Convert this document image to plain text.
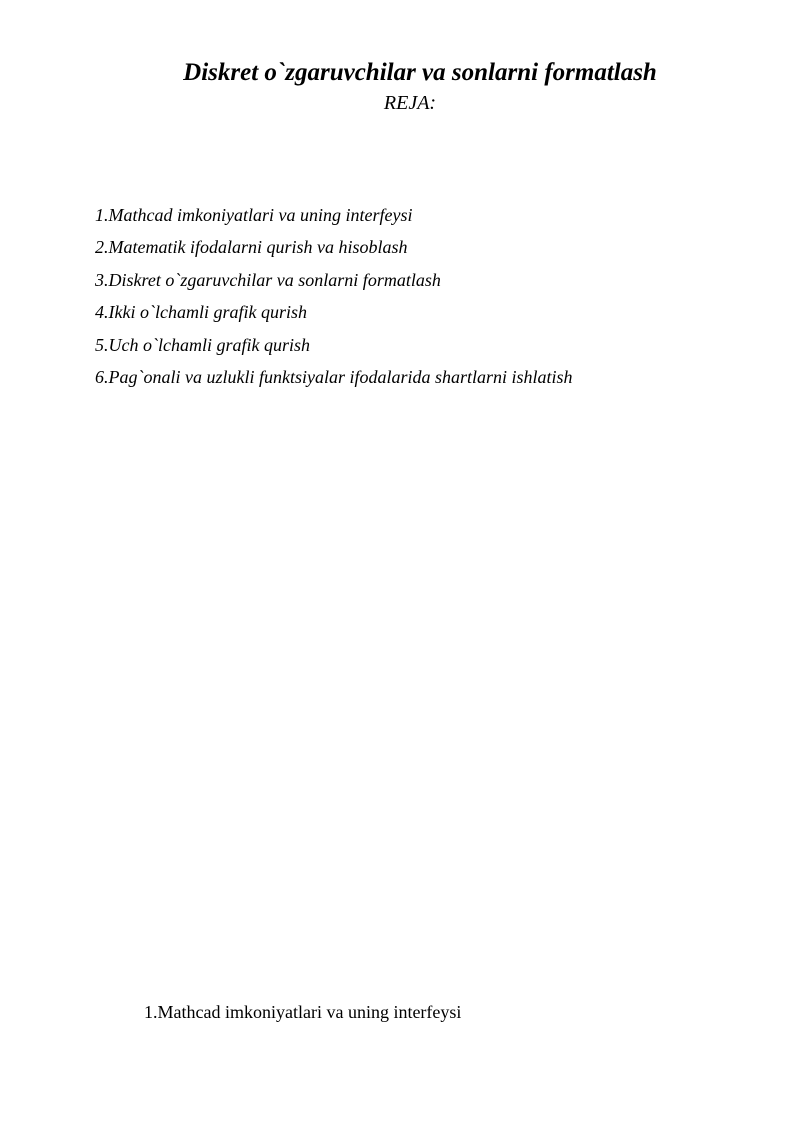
Diskret o`zgaruvchilar va sonlarni formatlash
REJA:
1.Mathcad imkoniyatlari va uning interfeysi
2.Matematik ifodalarni qurish va hisoblash
3.Diskret o`zgaruvchilar va sonlarni formatlash
4.Ikki o`lchamli grafik qurish
5.Uch o`lchamli grafik qurish
6.Pag`onali va uzlukli funktsiyalar ifodalarida shartlarni ishlatish
1.Mathcad imkoniyatlari va uning interfeysi
